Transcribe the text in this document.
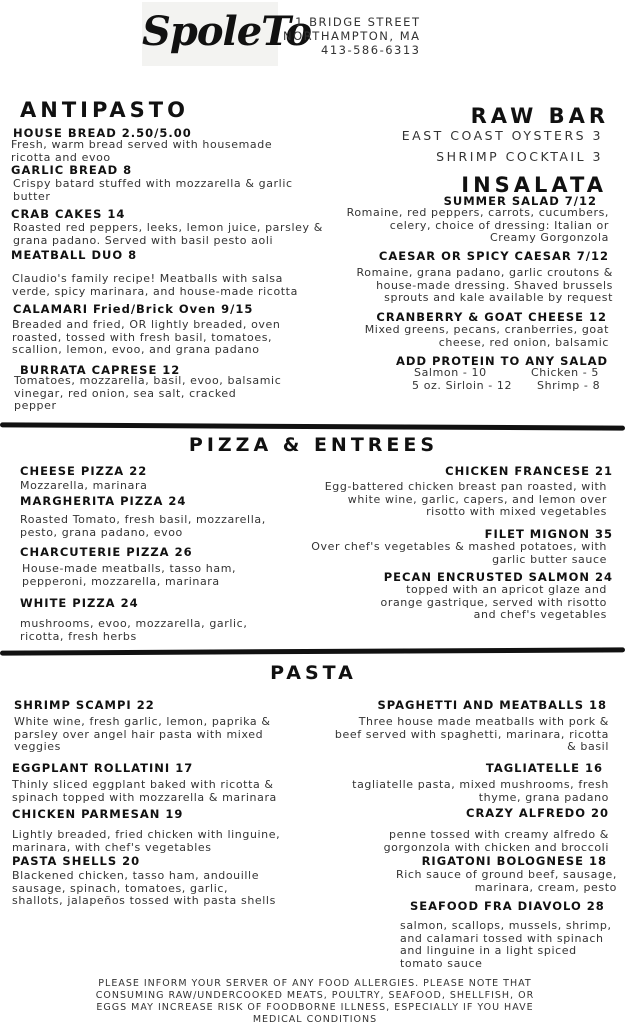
SpoleTo
1 BRIDGE STREET
NORTHAMPTON, MA
413-586-6313
ANTIPASTO
HOUSE BREAD 2.50/5.00
Fresh, warm bread served with housemade ricotta and evoo
GARLIC BREAD 8
Crispy batard stuffed with mozzarella & garlic butter
CRAB CAKES 14
Roasted red peppers, leeks, lemon juice, parsley & grana padano. Served with basil pesto aoli
MEATBALL DUO 8
Claudio's family recipe! Meatballs with salsa verde, spicy marinara, and house-made ricotta
CALAMARI Fried/Brick Oven 9/15
Breaded and fried, OR lightly breaded, oven roasted, tossed with fresh basil, tomatoes, scallion, lemon, evoo, and grana padano
BURRATA CAPRESE 12
Tomatoes, mozzarella, basil, evoo, balsamic vinegar, red onion, sea salt, cracked pepper
RAW BAR
EAST COAST OYSTERS 3
SHRIMP COCKTAIL 3
INSALATA
SUMMER SALAD 7/12
Romaine, red peppers, carrots, cucumbers, celery, choice of dressing: Italian or Creamy Gorgonzola
CAESAR OR SPICY CAESAR 7/12
Romaine, grana padano, garlic croutons & house-made dressing. Shaved brussels sprouts and kale available by request
CRANBERRY & GOAT CHEESE 12
Mixed greens, pecans, cranberries, goat cheese, red onion, balsamic
ADD PROTEIN TO ANY SALAD
Salmon - 10	Chicken - 5
5 oz. Sirloin - 12 Shrimp - 8
PIZZA & ENTREES
CHEESE PIZZA 22
Mozzarella, marinara
MARGHERITA PIZZA 24
Roasted Tomato, fresh basil, mozzarella, pesto, grana padano, evoo
CHARCUTERIE PIZZA 26
House-made meatballs, tasso ham, pepperoni, mozzarella, marinara
WHITE PIZZA 24
mushrooms, evoo, mozzarella, garlic, ricotta, fresh herbs
CHICKEN FRANCESE 21
Egg-battered chicken breast pan roasted, with white wine, garlic, capers, and lemon over risotto with mixed vegetables
FILET MIGNON 35
Over chef's vegetables & mashed potatoes, with garlic butter sauce
PECAN ENCRUSTED SALMON 24
topped with an apricot glaze and orange gastrique, served with risotto and chef's vegetables
PASTA
SHRIMP SCAMPI 22
White wine, fresh garlic, lemon, paprika & parsley over angel hair pasta with mixed veggies
EGGPLANT ROLLATINI 17
Thinly sliced eggplant baked with ricotta & spinach topped with mozzarella & marinara
CHICKEN PARMESAN 19
Lightly breaded, fried chicken with linguine, marinara, with chef's vegetables
PASTA SHELLS 20
Blackened chicken, tasso ham, andouille sausage, spinach, tomatoes, garlic, shallots, jalapeños tossed with pasta shells
SPAGHETTI AND MEATBALLS 18
Three house made meatballs with pork & beef served with spaghetti, marinara, ricotta & basil
TAGLIATELLE 16
tagliatelle pasta, mixed mushrooms, fresh thyme, grana padano
CRAZY ALFREDO 20
penne tossed with creamy alfredo & gorgonzola with chicken and broccoli
RIGATONI BOLOGNESE 18
Rich sauce of ground beef, sausage, marinara, cream, pesto
SEAFOOD FRA DIAVOLO 28
salmon, scallops, mussels, shrimp, and calamari tossed with spinach and linguine in a light spiced tomato sauce
PLEASE INFORM YOUR SERVER OF ANY FOOD ALLERGIES. PLEASE NOTE THAT CONSUMING RAW/UNDERCOOKED MEATS, POULTRY, SEAFOOD, SHELLFISH, OR EGGS MAY INCREASE RISK OF FOODBORNE ILLNESS, ESPECIALLY IF YOU HAVE MEDICAL CONDITIONS
